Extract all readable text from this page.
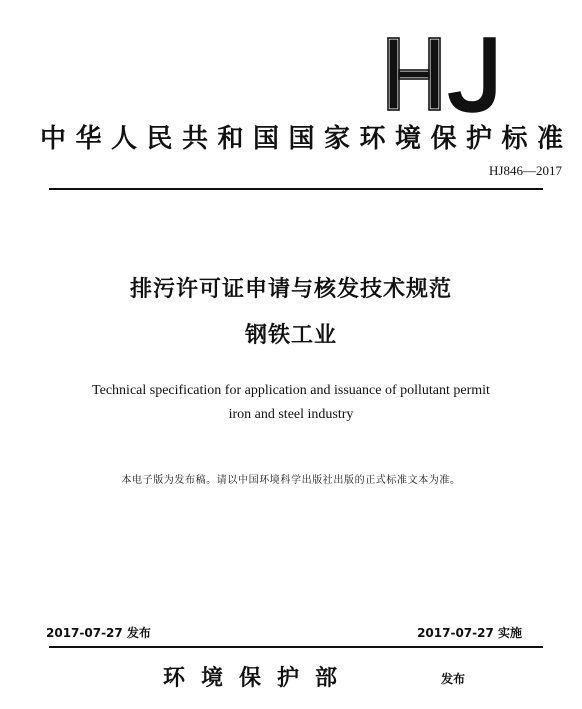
中华人民共和国国家环境保护标准
HJ846—2017
排污许可证申请与核发技术规范
钢铁工业
Technical specification for application and issuance of pollutant permit
iron and steel industry
本电子版为发布稿。请以中国环境科学出版社出版的正式标准文本为准。
2017-07-27 发布	2017-07-27 实施
环境保护部	发布
